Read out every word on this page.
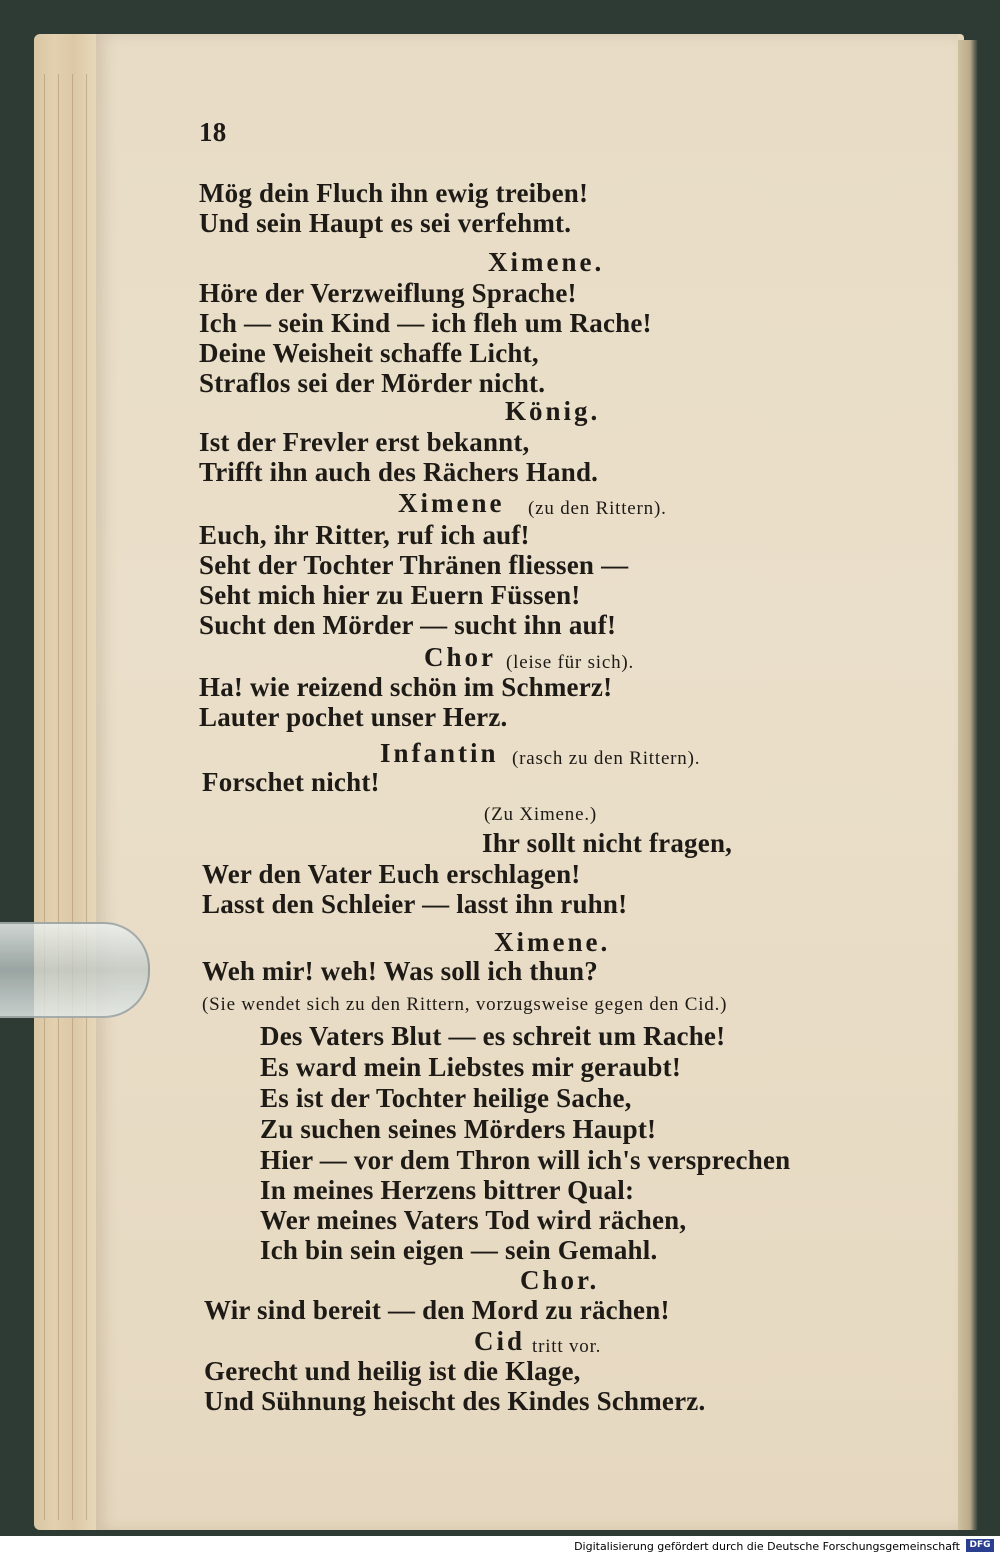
18
Mög dein Fluch ihn ewig treiben!
Und sein Haupt es sei verfehmt.
Ximene.
Höre der Verzweiflung Sprache!
Ich — sein Kind — ich fleh um Rache!
Deine Weisheit schaffe Licht,
Straflos sei der Mörder nicht.
König.
Ist der Frevler erst bekannt,
Trifft ihn auch des Rächers Hand.
Ximene (zu den Rittern).
Euch, ihr Ritter, ruf ich auf!
Seht der Tochter Thränen fliessen —
Seht mich hier zu Euern Füssen!
Sucht den Mörder — sucht ihn auf!
Chor (leise für sich).
Ha! wie reizend schön im Schmerz!
Lauter pochet unser Herz.
Infantin (rasch zu den Rittern).
Forschet nicht!
(Zu Ximene.)
Ihr sollt nicht fragen,
Wer den Vater Euch erschlagen!
Lasst den Schleier — lasst ihn ruhn!
Ximene.
Weh mir! weh! Was soll ich thun?
(Sie wendet sich zu den Rittern, vorzugsweise gegen den Cid.)
Des Vaters Blut — es schreit um Rache!
Es ward mein Liebstes mir geraubt!
Es ist der Tochter heilige Sache,
Zu suchen seines Mörders Haupt!
Hier — vor dem Thron will ich's versprechen
In meines Herzens bittrer Qual:
Wer meines Vaters Tod wird rächen,
Ich bin sein eigen — sein Gemahl.
Chor.
Wir sind bereit — den Mord zu rächen!
Cid tritt vor.
Gerecht und heilig ist die Klage,
Und Sühnung heischt des Kindes Schmerz.
Digitalisierung gefördert durch die Deutsche Forschungsgemeinschaft	DFG
